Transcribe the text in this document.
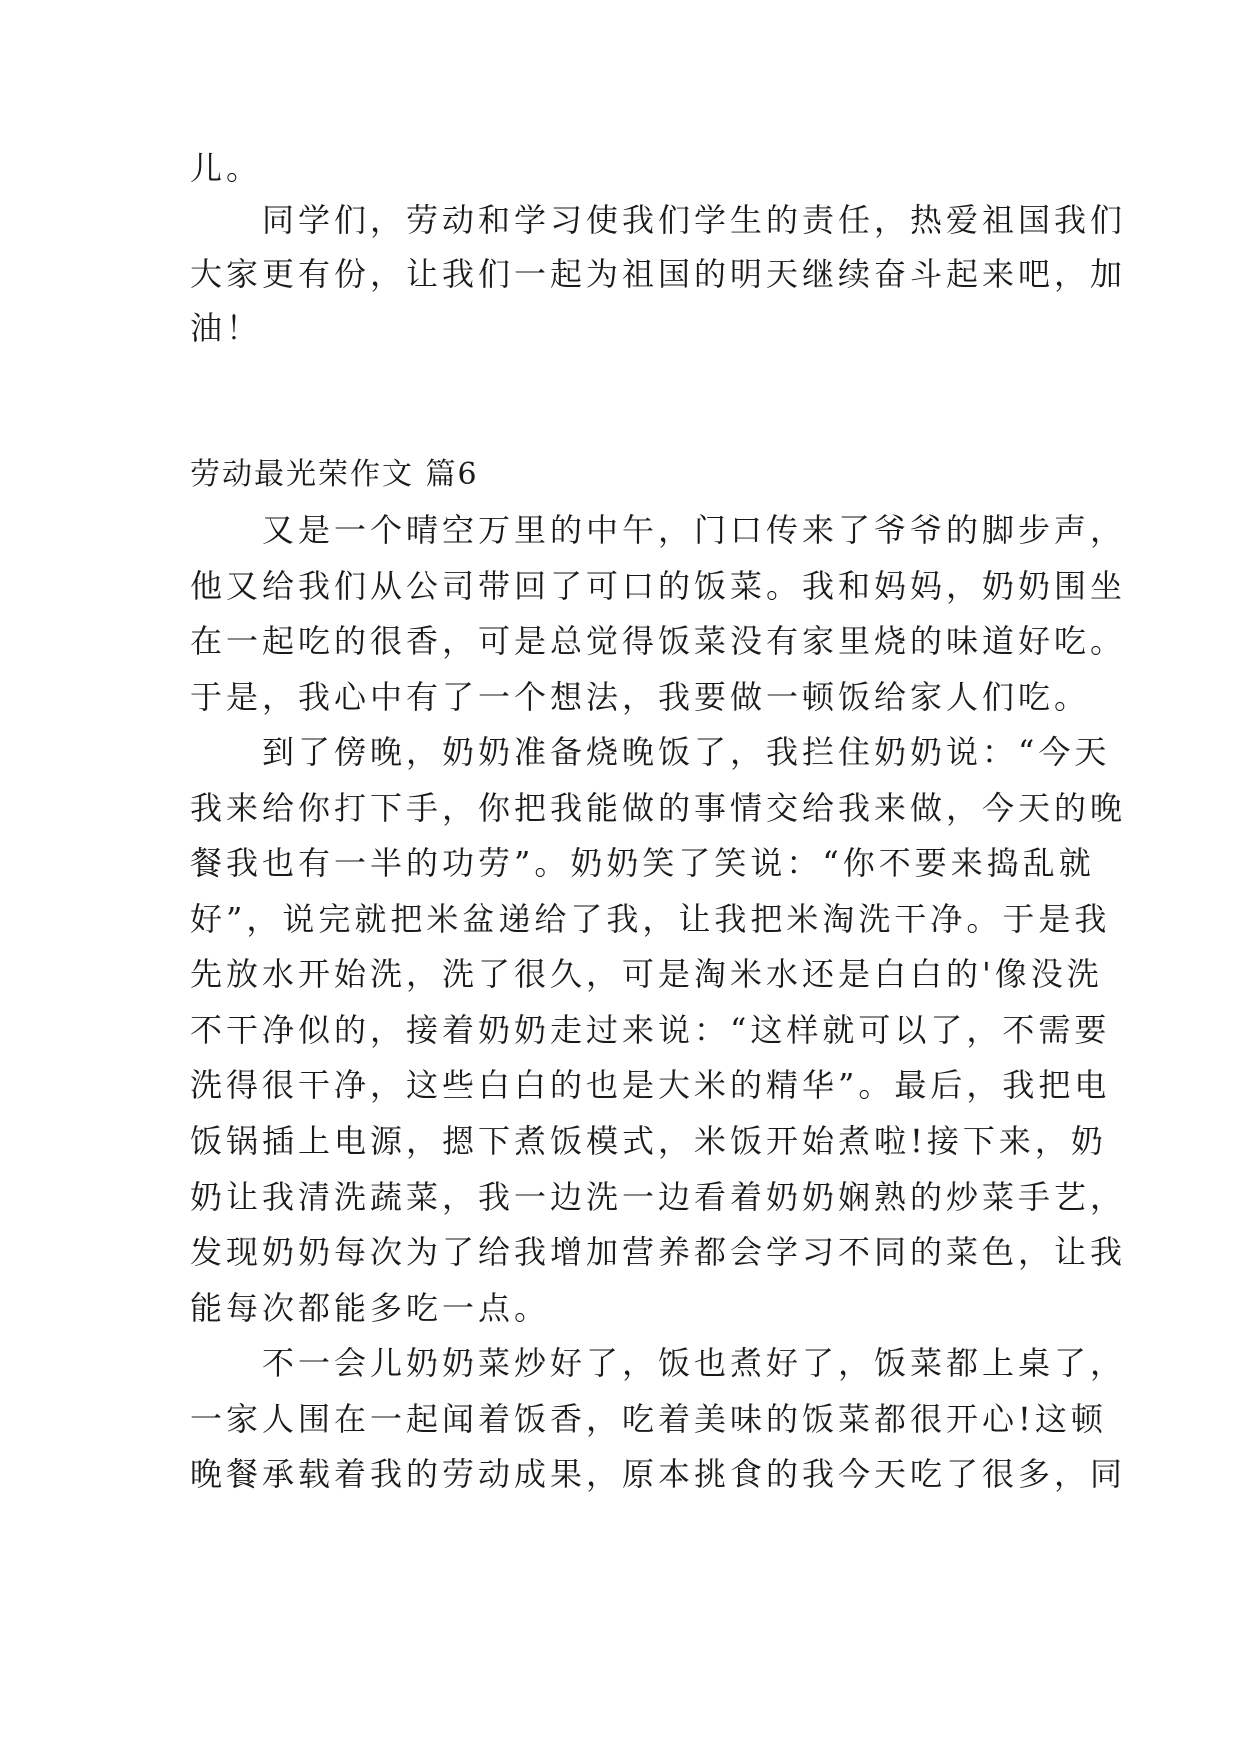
儿。
　　同学们，劳动和学习使我们学生的责任，热爱祖国我们
大家更有份，让我们一起为祖国的明天继续奋斗起来吧，加
油！
劳动最光荣作文 篇6
　　又是一个晴空万里的中午，门口传来了爷爷的脚步声，
他又给我们从公司带回了可口的饭菜。我和妈妈，奶奶围坐
在一起吃的很香，可是总觉得饭菜没有家里烧的味道好吃。
于是，我心中有了一个想法，我要做一顿饭给家人们吃。
　　到了傍晚，奶奶准备烧晚饭了，我拦住奶奶说：“今天
我来给你打下手，你把我能做的事情交给我来做，今天的晚
餐我也有一半的功劳”。奶奶笑了笑说：“你不要来捣乱就
好”，说完就把米盆递给了我，让我把米淘洗干净。于是我
先放水开始洗，洗了很久，可是淘米水还是白白的'像没洗
不干净似的，接着奶奶走过来说：“这样就可以了，不需要
洗得很干净，这些白白的也是大米的精华”。最后，我把电
饭锅插上电源，摁下煮饭模式，米饭开始煮啦!接下来，奶
奶让我清洗蔬菜，我一边洗一边看着奶奶娴熟的炒菜手艺，
发现奶奶每次为了给我增加营养都会学习不同的菜色，让我
能每次都能多吃一点。
　　不一会儿奶奶菜炒好了，饭也煮好了，饭菜都上桌了，
一家人围在一起闻着饭香，吃着美味的饭菜都很开心!这顿
晚餐承载着我的劳动成果，原本挑食的我今天吃了很多，同
